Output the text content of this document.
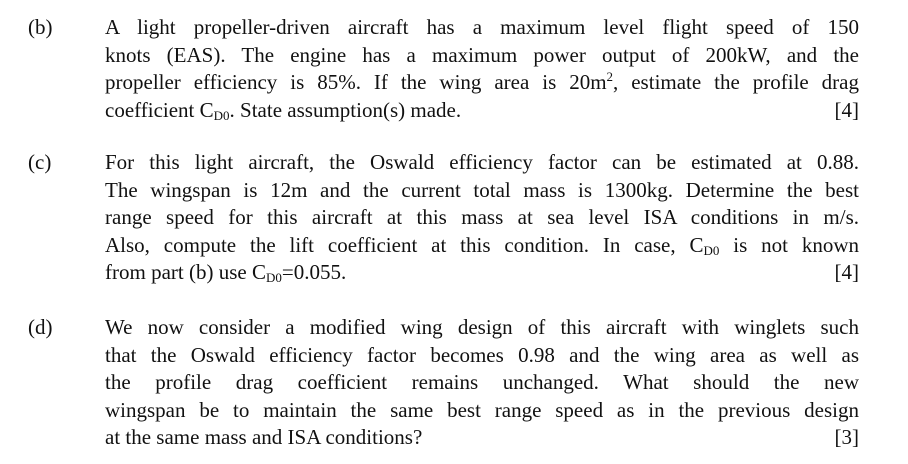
(b)	A light propeller-driven aircraft has a maximum level flight speed of 150
knots (EAS). The engine has a maximum power output of 200kW, and the
propeller efficiency is 85%. If the wing area is $20m^2$, estimate the profile drag
coefficient $C_{D0}$. State assumption(s) made.	[4]
(c)	For this light aircraft, the Oswald efficiency factor can be estimated at 0.88.
The wingspan is 12m and the current total mass is 1300kg. Determine the best
range speed for this aircraft at this mass at sea level ISA conditions in m/s.
Also, compute the lift coefficient at this condition. In case, $C_{D0}$ is not known
from part (b) use $C_{D0}=0.055$.	[4]
(d)	We now consider a modified wing design of this aircraft with winglets such
that the Oswald efficiency factor becomes 0.98 and the wing area as well as
the profile drag coefficient remains unchanged. What should the new
wingspan be to maintain the same best range speed as in the previous design
at the same mass and ISA conditions?	[3]
